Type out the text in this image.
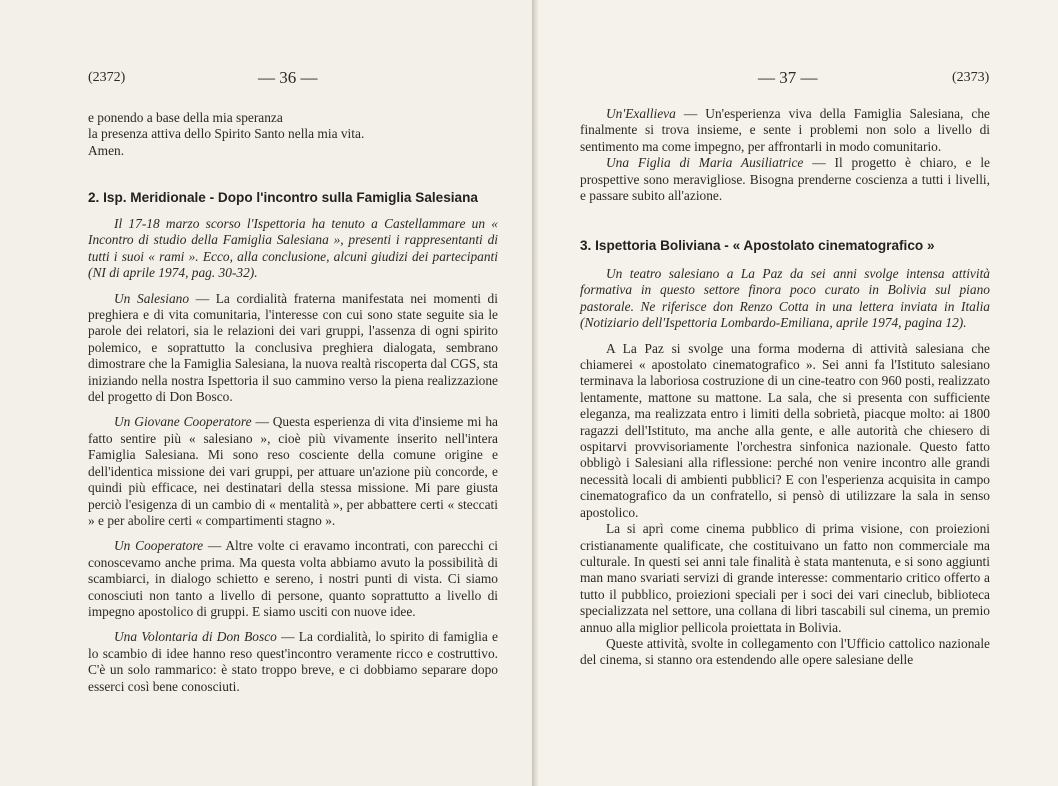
(2372)	— 36 —

e ponendo a base della mia speranza

la presenza attiva dello Spirito Santo nella mia vita.

Amen.

2. Isp. Meridionale - Dopo l'incontro sulla Famiglia Salesiana

Il 17-18 marzo scorso l'Ispettoria ha tenuto a Castellammare un « Incontro di studio della Famiglia Salesiana », presenti i rappresentanti di tutti i suoi « rami ». Ecco, alla conclusione, alcuni giudizi dei partecipanti (NI di aprile 1974, pag. 30-32).

Un Salesiano — La cordialità fraterna manifestata nei momenti di preghiera e di vita comunitaria, l'interesse con cui sono state seguite sia le parole dei relatori, sia le relazioni dei vari gruppi, l'assenza di ogni spirito polemico, e soprattutto la conclusiva preghiera dialogata, sembrano dimostrare che la Famiglia Salesiana, la nuova realtà riscoperta dal CGS, sta iniziando nella nostra Ispettoria il suo cammino verso la piena realizzazione del progetto di Don Bosco.

Un Giovane Cooperatore — Questa esperienza di vita d'insieme mi ha fatto sentire più « salesiano », cioè più vivamente inserito nell'intera Famiglia Salesiana. Mi sono reso cosciente della comune origine e dell'identica missione dei vari gruppi, per attuare un'azione più concorde, e quindi più efficace, nei destinatari della stessa missione. Mi pare giusta perciò l'esigenza di un cambio di « mentalità », per abbattere certi « steccati » e per abolire certi « compartimenti stagno ».

Un Cooperatore — Altre volte ci eravamo incontrati, con parecchi ci conoscevamo anche prima. Ma questa volta abbiamo avuto la possibilità di scambiarci, in dialogo schietto e sereno, i nostri punti di vista. Ci siamo conosciuti non tanto a livello di persone, quanto soprattutto a livello di impegno apostolico di gruppi. E siamo usciti con nuove idee.

Una Volontaria di Don Bosco — La cordialità, lo spirito di famiglia e lo scambio di idee hanno reso quest'incontro veramente ricco e costruttivo. C'è un solo rammarico: è stato troppo breve, e ci dobbiamo separare dopo esserci così bene conosciuti.

— 37 —	(2373)

Un'Exallieva — Un'esperienza viva della Famiglia Salesiana, che finalmente si trova insieme, e sente i problemi non solo a livello di sentimento ma come impegno, per affrontarli in modo comunitario.

Una Figlia di Maria Ausiliatrice — Il progetto è chiaro, e le prospettive sono meravigliose. Bisogna prenderne coscienza a tutti i livelli, e passare subito all'azione.

3. Ispettoria Boliviana - « Apostolato cinematografico »

Un teatro salesiano a La Paz da sei anni svolge intensa attività formativa in questo settore finora poco curato in Bolivia sul piano pastorale. Ne riferisce don Renzo Cotta in una lettera inviata in Italia (Notiziario dell'Ispettoria Lombardo-Emiliana, aprile 1974, pagina 12).

A La Paz si svolge una forma moderna di attività salesiana che chiamerei « apostolato cinematografico ». Sei anni fa l'Istituto salesiano terminava la laboriosa costruzione di un cine-teatro con 960 posti, realizzato lentamente, mattone su mattone. La sala, che si presenta con sufficiente eleganza, ma realizzata entro i limiti della sobrietà, piacque molto: ai 1800 ragazzi dell'Istituto, ma anche alla gente, e alle autorità che chiesero di ospitarvi provvisoriamente l'orchestra sinfonica nazionale. Questo fatto obbligò i Salesiani alla riflessione: perché non venire incontro alle grandi necessità locali di ambienti pubblici? E con l'esperienza acquisita in campo cinematografico da un confratello, si pensò di utilizzare la sala in senso apostolico.

La si aprì come cinema pubblico di prima visione, con proiezioni cristianamente qualificate, che costituivano un fatto non commerciale ma culturale. In questi sei anni tale finalità è stata mantenuta, e si sono aggiunti man mano svariati servizi di grande interesse: commentario critico offerto a tutto il pubblico, proiezioni speciali per i soci dei vari cineclub, biblioteca specializzata nel settore, una collana di libri tascabili sul cinema, un premio annuo alla miglior pellicola proiettata in Bolivia.

Queste attività, svolte in collegamento con l'Ufficio cattolico nazionale del cinema, si stanno ora estendendo alle opere salesiane delle
